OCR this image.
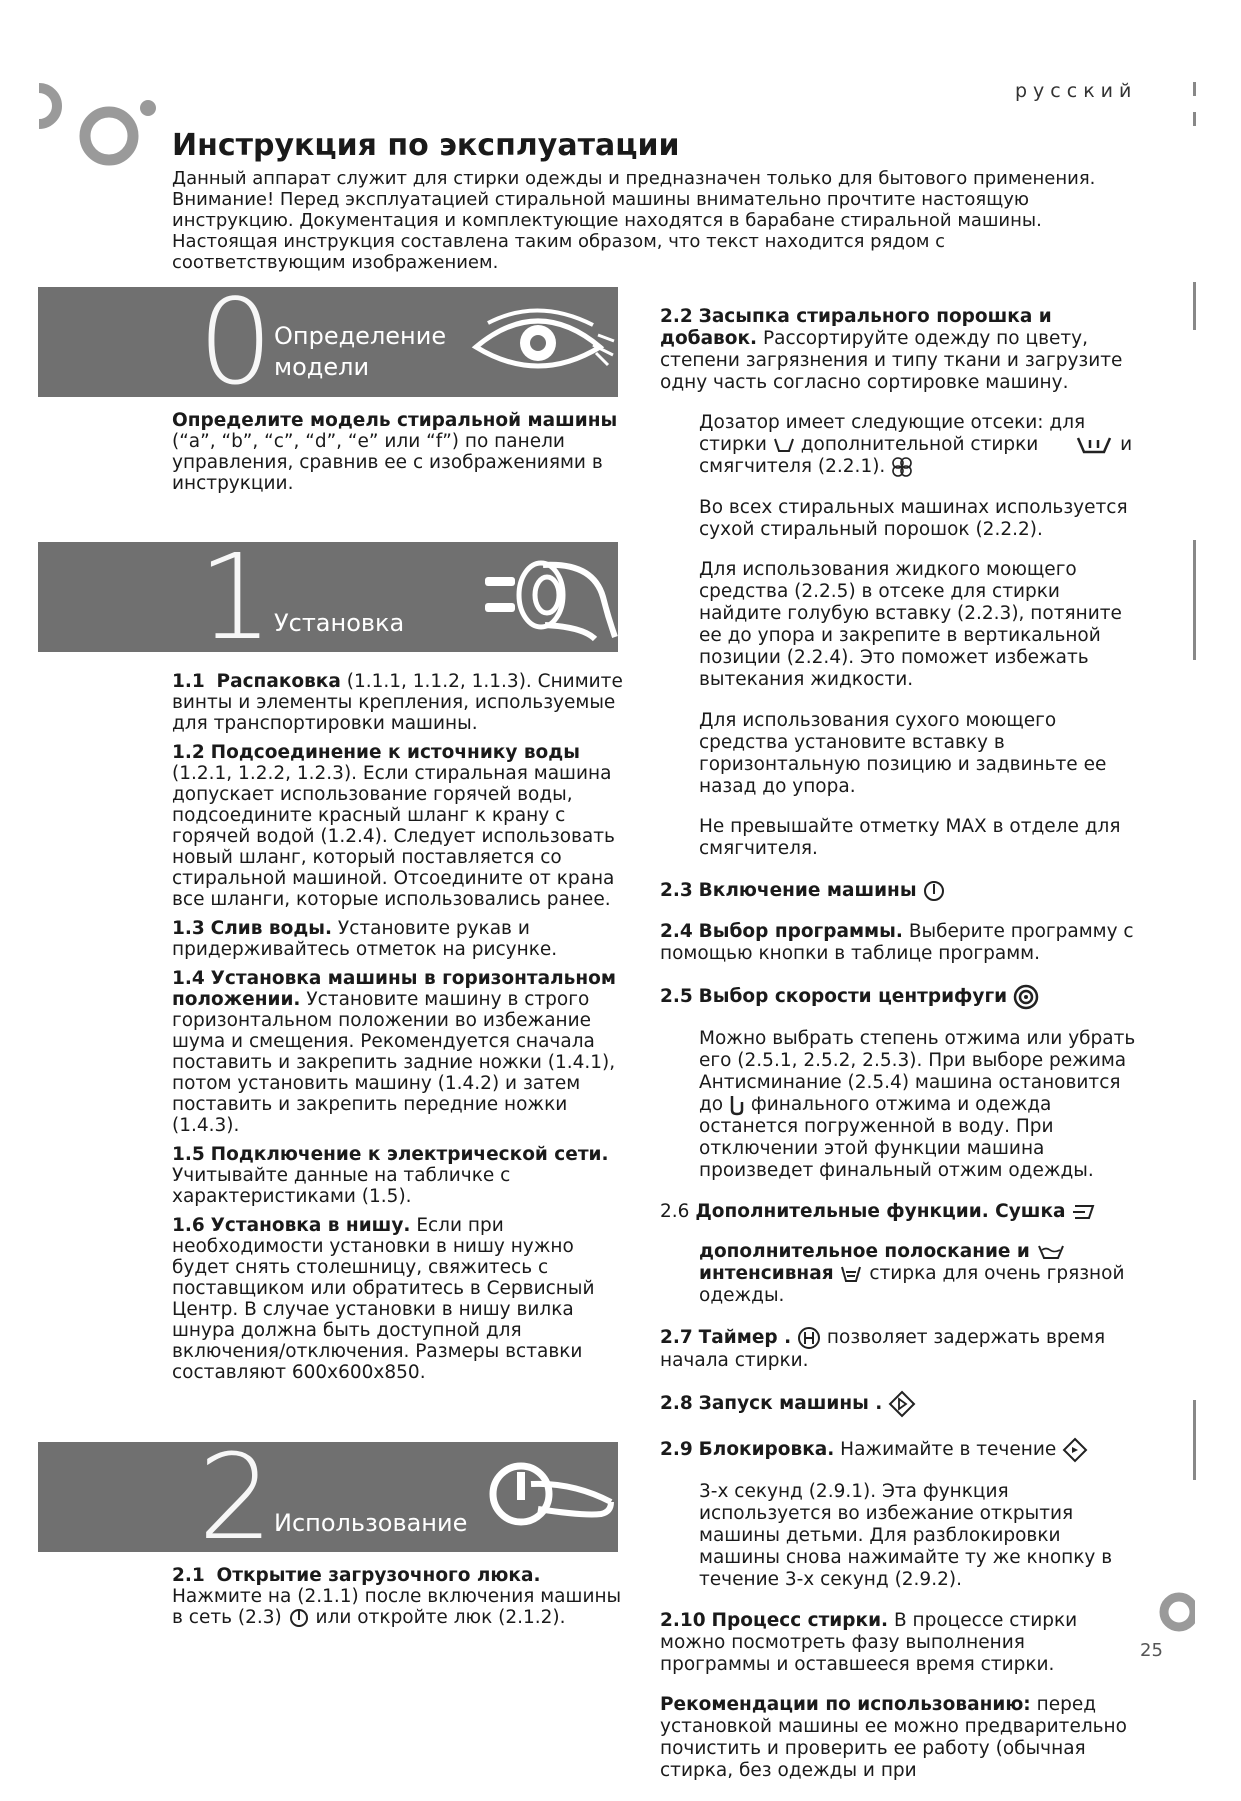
русский
Инструкция по эксплуатации

Данный аппарат служит для стирки одежды и предназначен только для бытового применения.

Внимание! Перед эксплуатацией стиральной машины внимательно прочтите настоящую

инструкцию. Документация и комплектующие находятся в барабане стиральной машины.

Настоящая инструкция составлена таким образом, что текст находится рядом с

соответствующим изображением.

0 Определение
модели

Определите модель стиральной машины

(“a”, “b”, “c”, “d”, “e” или “f”) по панели управления, сравнив ее с изображениями в инструкции.

1 Установка

1.1 Распаковка (1.1.1, 1.1.2, 1.1.3). Снимите винты и элементы крепления, используемые для транспортировки машины.

1.2 Подсоединение к источнику воды (1.2.1, 1.2.2, 1.2.3). Если стиральная машина допускает использование горячей воды, подсоедините красный шланг к крану с горячей водой (1.2.4). Следует использовать новый шланг, который поставляется со стиральной машиной. Отсоедините от крана все шланги, которые использовались ранее.

1.3 Слив воды. Установите рукав и придерживайтесь отметок на рисунке.

1.4 Установка машины в горизонтальном положении. Установите машину в строго горизонтальном положении во избежание шума и смещения. Рекомендуется сначала поставить и закрепить задние ножки (1.4.1), потом установить машину (1.4.2) и затем поставить и закрепить передние ножки (1.4.3).

1.5 Подключение к электрической сети. Учитывайте данные на табличке с характеристиками (1.5).

1.6 Установка в нишу. Если при необходимости установки в нишу нужно будет снять столешницу, свяжитесь с поставщиком или обратитесь в Сервисный Центр. В случае установки в нишу вилка шнура должна быть доступной для включения/отключения. Размеры вставки составляют 600x600x850.

2 Использование

2.1 Открытие загрузочного люка. Нажмите на (2.1.1) после включения машины в сеть (2.3) или откройте люк (2.1.2).

2.2 Засыпка стирального порошка и добавок. Рассортируйте одежду по цвету, степени загрязнения и типу ткани и загрузите одну часть согласно сортировке машину.

Дозатор имеет следующие отсеки: для стирки дополнительной стирки	и смягчителя (2.2.1).

Во всех стиральных машинах используется сухой стиральный порошок (2.2.2).

Для использования жидкого моющего средства (2.2.5) в отсеке для стирки найдите голубую вставку (2.2.3), потяните ее до упора и закрепите в вертикальной позиции (2.2.4). Это поможет избежать вытекания жидкости.

Для использования сухого моющего средства установите вставку в горизонтальную позицию и задвиньте ее назад до упора.

Не превышайте отметку MAX в отделе для смягчителя.

2.3 Включение машины

2.4 Выбор программы. Выберите программу с помощью кнопки в таблице программ.

2.5 Выбор скорости центрифуги

Можно выбрать степень отжима или убрать его (2.5.1, 2.5.2, 2.5.3). При выборе режима Антисминание (2.5.4) машина остановится до финального отжима и одежда останется погруженной в воду. При отключении этой функции машина произведет финальный отжим одежды.

2.6 Дополнительные функции. Сушка

дополнительное полоскание и  интенсивная стирка для очень грязной одежды.

2.7 Таймер . позволяет задержать время начала стирки.

2.8 Запуск машины .

2.9 Блокировка. Нажимайте в течение

3-х секунд (2.9.1). Эта функция используется во избежание открытия машины детьми. Для разблокировки машины снова нажимайте ту же кнопку в течение 3-х секунд (2.9.2).

2.10 Процесс стирки. В процессе стирки можно посмотреть фазу выполнения программы и оставшееся время стирки.

Рекомендации по использованию: перед установкой машины ее можно предварительно почистить и проверить ее работу (обычная стирка, без одежды и при

25
